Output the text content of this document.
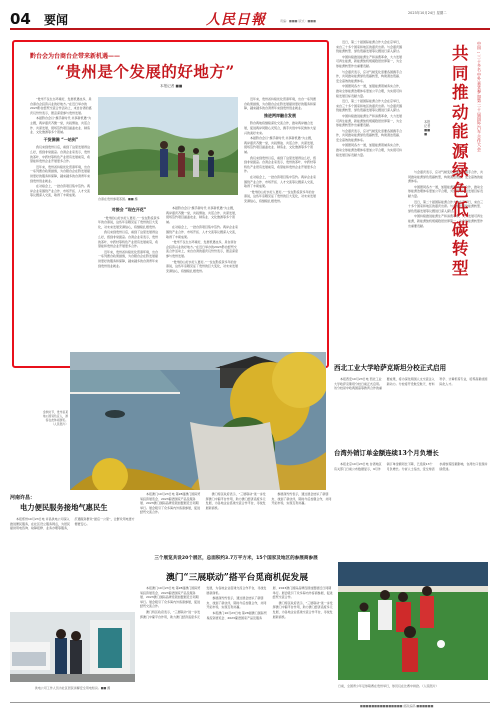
04 要闻	人民日報	2023年10月24日 星期二
责编：■■■ 版式：■■■
黔台会为台商台企带来新机遇——
“贵州是个发展的好地方”
本报记者 ■■

“贵州不仅生态环境好，发展机遇也多，是台商台企投资兴业的好地方。”在近日举办的2023黔台经贸交流合作活动上，来自台湾的嘉宾们纷纷表示，愿意深度参与贵州发展。

本届黔台会以“携手新时代 共享新机遇”为主题，两岸嘉宾齐聚一堂，共叙情谊、共话合作、共谋发展，现场签约项目涵盖农业、制造业、文化旅游等多个领域。

干货满满 “一站到”

我们来到贵州以后，看到了这里发展得这么好，感到非常振奋。台湾企业家表示，贵州的茶叶、中药材等特色产业很有发展前景，希望能和贵州企业开展更多合作。

近年来，贵州省持续优化营商环境，出台一系列惠台政策措施，为台胞台企在黔发展提供更好的服务和保障，越来越多的台湾青年来到贵州创业就业。

在对接会上，一批台资项目集中签约。两岸企业家围绕产业合作、市场开拓、人才交流等议题深入交流，取得了丰硕成果。

台商在贵州参观茶园。■■ 摄
对接会 “现在开花”

“贵州的山好水好人更好。”一位在黔投资多年的台商说，这些年亲眼见证了贵州的巨大变化，对未来发展充满信心，将继续扎根贵州。

我们来到贵州以后，看到了这里发展得这么好，感到非常振奋。台湾企业家表示，贵州的茶叶、中药材等特色产业很有发展前景，希望能和贵州企业开展更多合作。

近年来，贵州省持续优化营商环境，出台一系列惠台政策措施，为台胞台企在黔发展提供更好的服务和保障，越来越多的台湾青年来到贵州创业就业。

本届黔台会以“携手新时代 共享新机遇”为主题，两岸嘉宾齐聚一堂，共叙情谊、共话合作、共谋发展，现场签约项目涵盖农业、制造业、文化旅游等多个领域。

在对接会上，一批台资项目集中签约。两岸企业家围绕产业合作、市场开拓、人才交流等议题深入交流，取得了丰硕成果。

“贵州不仅生态环境好，发展机遇也多，是台商台企投资兴业的好地方。”在近日举办的2023黔台经贸交流合作活动上，来自台湾的嘉宾们纷纷表示，愿意深度参与贵州发展。

“贵州的山好水好人更好。”一位在黔投资多年的台商说，这些年亲眼见证了贵州的巨大变化，对未来发展充满信心，将继续扎根贵州。

近年来，贵州省持续优化营商环境，出台一系列惠台政策措施，为台胞台企在黔发展提供更好的服务和保障，越来越多的台湾青年来到贵州创业就业。

推进两岸融合发展

黔台两地将继续深化交流合作，推动两岸融合发展，促进两岸同胞心灵契合，携手共创中华民族伟大复兴的美好未来。

本届黔台会以“携手新时代 共享新机遇”为主题，两岸嘉宾齐聚一堂，共叙情谊、共话合作、共谋发展，现场签约项目涵盖农业、制造业、文化旅游等多个领域。

我们来到贵州以后，看到了这里发展得这么好，感到非常振奋。台湾企业家表示，贵州的茶叶、中药材等特色产业很有发展前景，希望能和贵州企业开展更多合作。

在对接会上，一批台资项目集中签约。两岸企业家围绕产业合作、市场开拓、人才交流等议题深入交流，取得了丰硕成果。

“贵州的山好水好人更好。”一位在黔投资多年的台商说，这些年亲眼见证了贵州的巨大变化，对未来发展充满信心，将继续扎根贵州。

近日，第二十届国际能源合作大会在京举行，来自三十多个国家和地区的嘉宾出席。与会嘉宾围绕能源转型、绿色低碳发展等议题进行深入探讨。

中国持续推进能源生产和消费革命，大力发展可再生能源，新能源装机规模稳居世界第一，为全球能源转型作出重要贡献。

与会嘉宾表示，应对气候变化需要各国携手合作，共同推动能源绿色低碳转型，构建清洁低碳、安全高效的能源体系。

中国愿同各方一道，加强能源领域务实合作，推动全球能源治理体系更加公平合理，为实现可持续发展目标贡献力量。

近日，第二十届国际能源合作大会在京举行，来自三十多个国家和地区的嘉宾出席。与会嘉宾围绕能源转型、绿色低碳发展等议题进行深入探讨。

中国持续推进能源生产和消费革命，大力发展可再生能源，新能源装机规模稳居世界第一，为全球能源转型作出重要贡献。

与会嘉宾表示，应对气候变化需要各国携手合作，共同推动能源绿色低碳转型，构建清洁低碳、安全高效的能源体系。

中国愿同各方一道，加强能源领域务实合作，推动全球能源治理体系更加公平合理，为实现可持续发展目标贡献力量。

与会嘉宾表示，应对气候变化需要各国携手合作，共同推动能源绿色低碳转型，构建清洁低碳、安全高效的能源体系。

中国愿同各方一道，加强能源领域务实合作，推动全球能源治理体系更加公平合理，为实现可持续发展目标贡献力量。

近日，第二十届国际能源合作大会在京举行，来自三十多个国家和地区的嘉宾出席。与会嘉宾围绕能源转型、绿色低碳发展等议题进行深入探讨。

中国持续推进能源生产和消费革命，大力发展可再生能源，新能源装机规模稳居世界第一，为全球能源转型作出重要贡献。

中国 -- 三十多名中外嘉宾参加第二十届国际汽车合作大会
共同推动能源绿色低碳转型
本报记者 ■■■
金秋时节，贵州省某地公园景色宜人，游客在此休闲游览。（人民图片）
西北工业大学哈萨克斯坦分校正式启用
本报西安10月23日电 西北工业大学哈萨克斯坦分校日前正式启用。该分校是中哈两国高等教育合作的重要成果，将为深化两国人文交流注入新动力。分校将开设航空航天、材料科学、计算机等专业，培养高素质国际化人才。
台湾外销订单金额连续13个月负增长
本报北京10月23日电 台湾地区有关部门日前公布数据显示，9月外销订单金额同比下降，已连续13个月负增长。分析人士指出，受全球需求疲软等因素影响，台湾出口表现持续低迷。
河南许昌：
电力便民服务接地气惠民生
本报郑州10月23日电 许昌供电公司深入推进便民服务，在社区设立服务网点，为居民提供用电咨询、故障报修、业务办理等服务，打通服务群众“最后一公里”，让群众用电更方便更安心。
供电公司工作人员为社区居民讲解安全用电知识。■■ 摄

本报澳门10月23日电 第28届澳门国际贸易投资展览会、2023葡语国家产品及服务展、2023澳门国际品牌连锁加盟展近日同期举行。展会吸引了众多海内外客商参展，促进经贸交流合作。

澳门特区政府表示，“三展联动”进一步发挥澳门中葡平台作用，助力澳门经济适度多元发展，为各地企业搭建交流合作平台，寻找发展新商机。

参展商纷纷表示，通过展会结识了新朋友、找到了新伙伴，期待今后加强合作，共同开拓市场，实现互利共赢。

三个展览共设20个展区，总面积约3.7万平方米，15个国家及地区的参展商参展
澳门“三展联动”搭平台觅商机促发展

本报澳门10月23日电 第28届澳门国际贸易投资展览会、2023葡语国家产品及服务展、2023澳门国际品牌连锁加盟展近日同期举行。展会吸引了众多海内外客商参展，促进经贸交流合作。

澳门特区政府表示，“三展联动”进一步发挥澳门中葡平台作用，助力澳门经济适度多元发展，为各地企业搭建交流合作平台，寻找发展新商机。

参展商纷纷表示，通过展会结识了新朋友、找到了新伙伴，期待今后加强合作，共同开拓市场，实现互利共赢。

本报澳门10月23日电 第28届澳门国际贸易投资展览会、2023葡语国家产品及服务展、2023澳门国际品牌连锁加盟展近日同期举行。展会吸引了众多海内外客商参展，促进经贸交流合作。

澳门特区政府表示，“三展联动”进一步发挥澳门中葡平台作用，助力澳门经济适度多元发展，为各地企业搭建交流合作平台，寻找发展新商机。

日前，全国青少年足球联赛在贵州举行，球员们在比赛中拼抢。（人民图片）
■■■■■■■■■■■■■■■ 邮政编码 ■■■■■■
